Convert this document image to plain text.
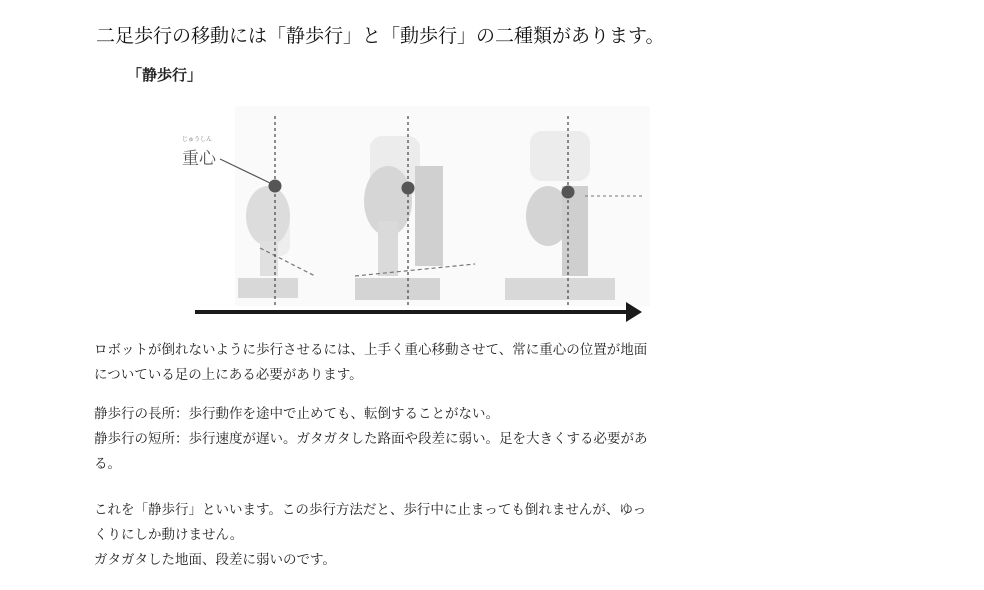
二足歩行の移動には「静歩行」と「動歩行」の二種類があります。
「静歩行」
じゅうしん
重心
ロボットが倒れないように歩行させるには、上手く重心移動させて、常に重心の位置が地面
についている足の上にある必要があります。
静歩行の長所：歩行動作を途中で止めても、転倒することがない。
静歩行の短所：歩行速度が遅い。ガタガタした路面や段差に弱い。足を大きくする必要があ
る。
これを「静歩行」といいます。この歩行方法だと、歩行中に止まっても倒れませんが、ゆっ
くりにしか動けません。
ガタガタした地面、段差に弱いのです。
